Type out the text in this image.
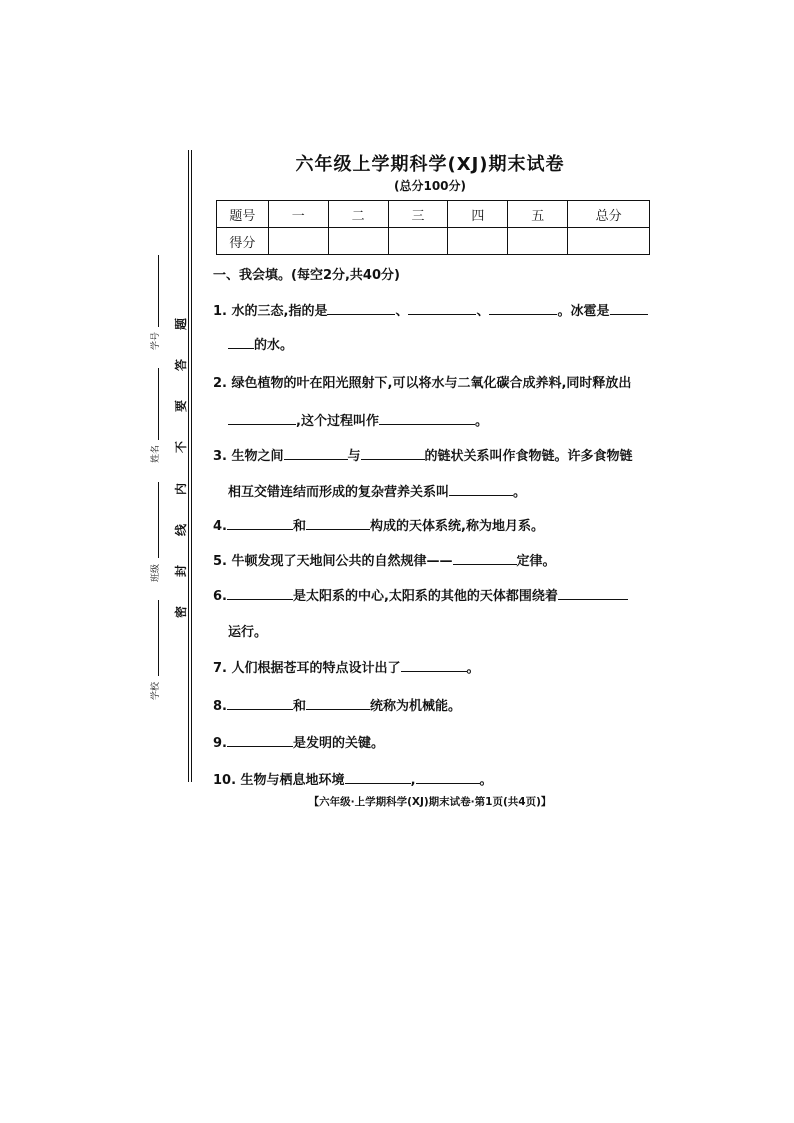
题
答
要
不
内
线
封
密
学号
姓名
班级
学校
六年级上学期科学(XJ)期末试卷
(总分100分)
题号	一	二	三	四	五	总分
得分						
一、我会填。(每空2分,共40分)
1. 水的三态,指的是	、	、	。冰雹是
的水。
2. 绿色植物的叶在阳光照射下,可以将水与二氧化碳合成养料,同时释放出
,这个过程叫作	。
3. 生物之间	与	的链状关系叫作食物链。许多食物链
相互交错连结而形成的复杂营养关系叫	。
4.	和	构成的天体系统,称为地月系。
5. 牛顿发现了天地间公共的自然规律——	定律。
6.	是太阳系的中心,太阳系的其他的天体都围绕着
运行。
7. 人们根据苍耳的特点设计出了	。
8.	和	统称为机械能。
9.	是发明的关键。
10. 生物与栖息地环境	,	。
【六年级·上学期科学(XJ)期末试卷·第1页(共4页)】
